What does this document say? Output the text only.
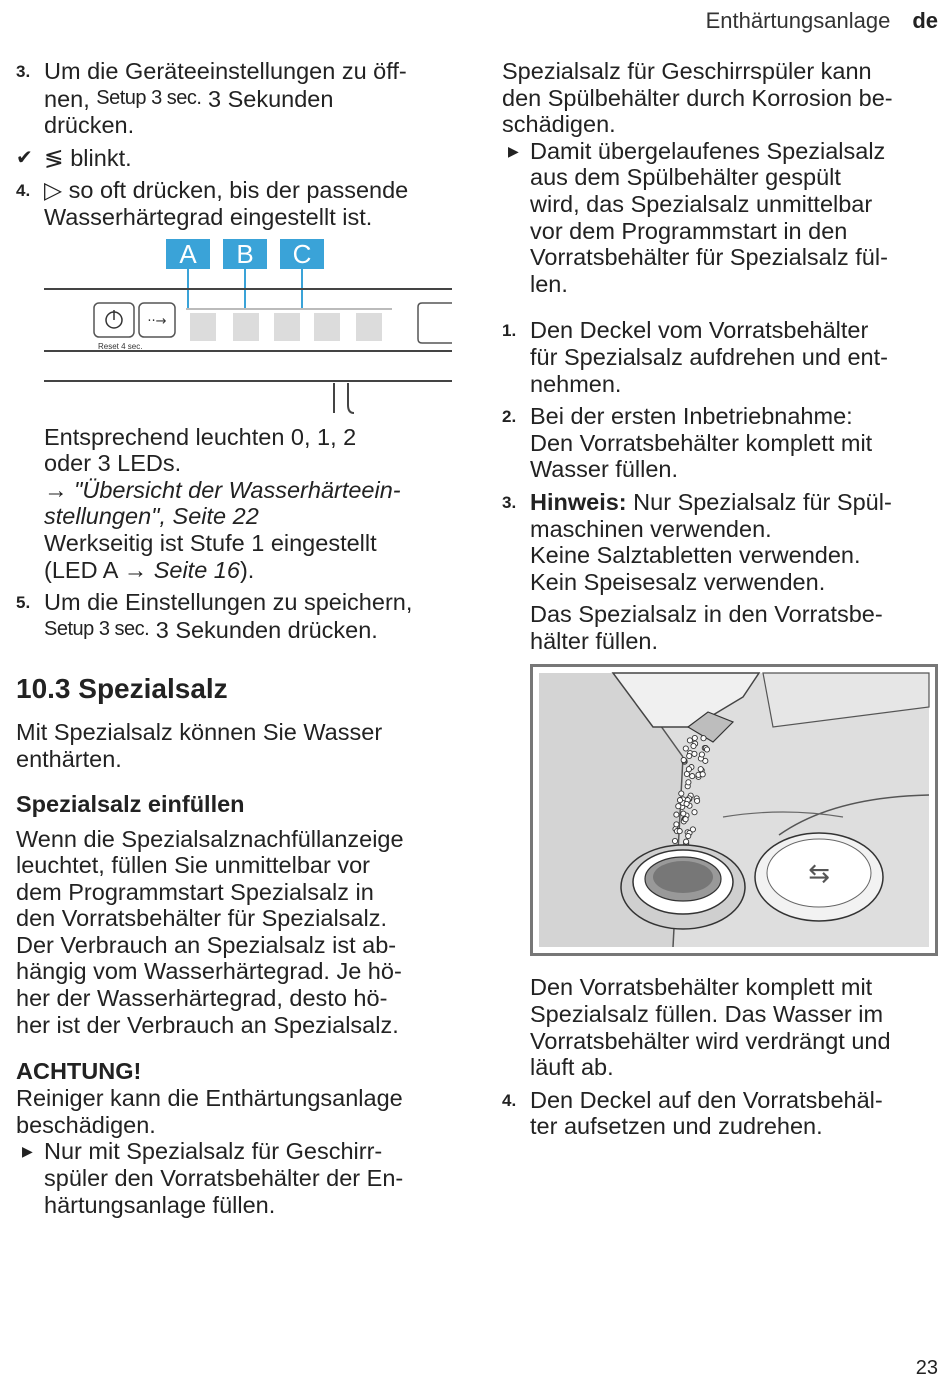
Enthärtungsanlage de

3. Um die Geräteeinstellungen zu öff-
nen, Setup 3 sec. 3 Sekunden
drücken.

✔ ≶ blinkt.

4. ▷ so oft drücken, bis der passende
Wasserhärtegrad eingestellt ist.

A B C
··→
Reset 4 sec.

Entsprechend leuchten 0, 1, 2
oder 3 LEDs.
→ "Übersicht der Wasserhärteein-
stellungen", Seite 22
Werkseitig ist Stufe 1 eingestellt
(LED A → Seite 16).

5. Um die Einstellungen zu speichern,
Setup 3 sec. 3 Sekunden drücken.

10.3 Spezialsalz

Mit Spezialsalz können Sie Wasser
enthärten.

Spezialsalz einfüllen

Wenn die Spezialsalznachfüllanzeige
leuchtet, füllen Sie unmittelbar vor
dem Programmstart Spezialsalz in
den Vorratsbehälter für Spezialsalz.
Der Verbrauch an Spezialsalz ist ab-
hängig vom Wasserhärtegrad. Je hö-
her der Wasserhärtegrad, desto hö-
her ist der Verbrauch an Spezialsalz.

ACHTUNG!

Reiniger kann die Enthärtungsanlage
beschädigen.

▶ Nur mit Spezialsalz für Geschirr-
spüler den Vorratsbehälter der En-
härtungsanlage füllen.

Spezialsalz für Geschirrspüler kann
den Spülbehälter durch Korrosion be-
schädigen.

▶ Damit übergelaufenes Spezialsalz
aus dem Spülbehälter gespült
wird, das Spezialsalz unmittelbar
vor dem Programmstart in den
Vorratsbehälter für Spezialsalz fül-
len.

1. Den Deckel vom Vorratsbehälter
für Spezialsalz aufdrehen und ent-
nehmen.

2. Bei der ersten Inbetriebnahme:
Den Vorratsbehälter komplett mit
Wasser füllen.

3. Hinweis: Nur Spezialsalz für Spül-
maschinen verwenden.
Keine Salztabletten verwenden.
Kein Speisesalz verwenden.

Das Spezialsalz in den Vorratsbe-
hälter füllen.

⇆

Den Vorratsbehälter komplett mit
Spezialsalz füllen. Das Wasser im
Vorratsbehälter wird verdrängt und
läuft ab.

4. Den Deckel auf den Vorratsbehäl-
ter aufsetzen und zudrehen.

23
